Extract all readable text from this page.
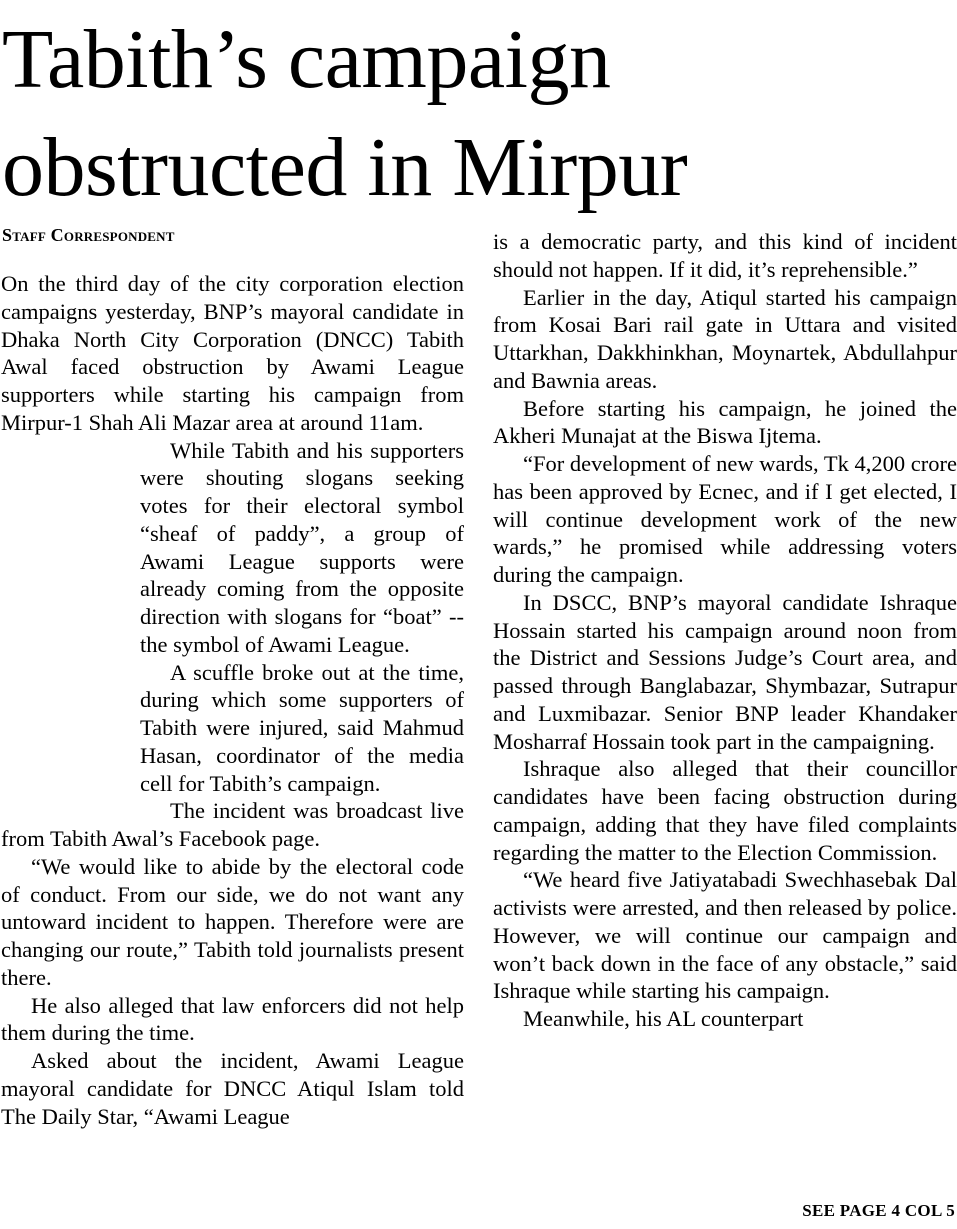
Tabith’s campaign obstructed in Mirpur
Staff Correspondent

On the third day of the city corporation election campaigns yesterday, BNP’s mayoral candidate in Dhaka North City Corporation (DNCC) Tabith Awal faced obstruction by Awami League supporters while starting his campaign from Mirpur-1 Shah Ali Mazar area at around 11am.

While Tabith and his supporters were shouting slogans seeking votes for their electoral symbol “sheaf of paddy”, a group of Awami League supports were already coming from the opposite direction with slogans for “boat” -- the symbol of Awami League.

A scuffle broke out at the time, during which some supporters of Tabith were injured, said Mahmud Hasan, coordinator of the media cell for Tabith’s campaign.

The incident was broadcast live from Tabith Awal’s Facebook page.

“We would like to abide by the electoral code of conduct. From our side, we do not want any untoward incident to happen. Therefore were are changing our route,” Tabith told journalists present there.

He also alleged that law enforcers did not help them during the time.

Asked about the incident, Awami League mayoral candidate for DNCC Atiqul Islam told The Daily Star, “Awami League

is a democratic party, and this kind of incident should not happen. If it did, it’s reprehensible.”

Earlier in the day, Atiqul started his campaign from Kosai Bari rail gate in Uttara and visited Uttarkhan, Dakkhinkhan, Moynartek, Abdullahpur and Bawnia areas.

Before starting his campaign, he joined the Akheri Munajat at the Biswa Ijtema.

“For development of new wards, Tk 4,200 crore has been approved by Ecnec, and if I get elected, I will continue development work of the new wards,” he promised while addressing voters during the campaign.

In DSCC, BNP’s mayoral candidate Ishraque Hossain started his campaign around noon from the District and Sessions Judge’s Court area, and passed through Banglabazar, Shymbazar, Sutrapur and Luxmibazar. Senior BNP leader Khandaker Mosharraf Hossain took part in the campaigning.

Ishraque also alleged that their councillor candidates have been facing obstruction during campaign, adding that they have filed complaints regarding the matter to the Election Commission.

“We heard five Jatiyatabadi Swechhasebak Dal activists were arrested, and then released by police. However, we will continue our campaign and won’t back down in the face of any obstacle,” said Ishraque while starting his campaign.

Meanwhile, his AL counterpart

SEE PAGE 4 COL 5
